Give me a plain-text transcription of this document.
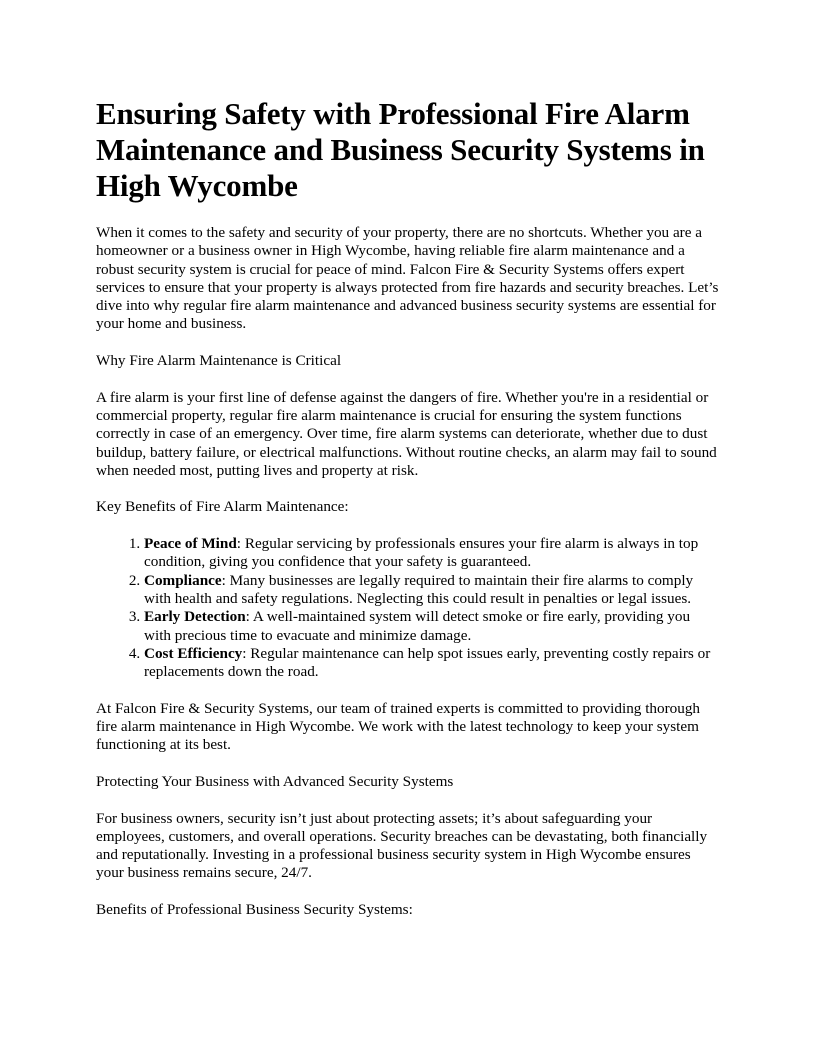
Ensuring Safety with Professional Fire Alarm Maintenance and Business Security Systems in High Wycombe

When it comes to the safety and security of your property, there are no shortcuts. Whether you are a homeowner or a business owner in High Wycombe, having reliable fire alarm maintenance and a robust security system is crucial for peace of mind. Falcon Fire & Security Systems offers expert services to ensure that your property is always protected from fire hazards and security breaches. Let’s dive into why regular fire alarm maintenance and advanced business security systems are essential for your home and business.

Why Fire Alarm Maintenance is Critical

A fire alarm is your first line of defense against the dangers of fire. Whether you're in a residential or commercial property, regular fire alarm maintenance is crucial for ensuring the system functions correctly in case of an emergency. Over time, fire alarm systems can deteriorate, whether due to dust buildup, battery failure, or electrical malfunctions. Without routine checks, an alarm may fail to sound when needed most, putting lives and property at risk.

Key Benefits of Fire Alarm Maintenance:

1. Peace of Mind: Regular servicing by professionals ensures your fire alarm is always in top condition, giving you confidence that your safety is guaranteed.
2. Compliance: Many businesses are legally required to maintain their fire alarms to comply with health and safety regulations. Neglecting this could result in penalties or legal issues.
3. Early Detection: A well-maintained system will detect smoke or fire early, providing you with precious time to evacuate and minimize damage.
4. Cost Efficiency: Regular maintenance can help spot issues early, preventing costly repairs or replacements down the road.

At Falcon Fire & Security Systems, our team of trained experts is committed to providing thorough fire alarm maintenance in High Wycombe. We work with the latest technology to keep your system functioning at its best.

Protecting Your Business with Advanced Security Systems

For business owners, security isn’t just about protecting assets; it’s about safeguarding your employees, customers, and overall operations. Security breaches can be devastating, both financially and reputationally. Investing in a professional business security system in High Wycombe ensures your business remains secure, 24/7.

Benefits of Professional Business Security Systems:
